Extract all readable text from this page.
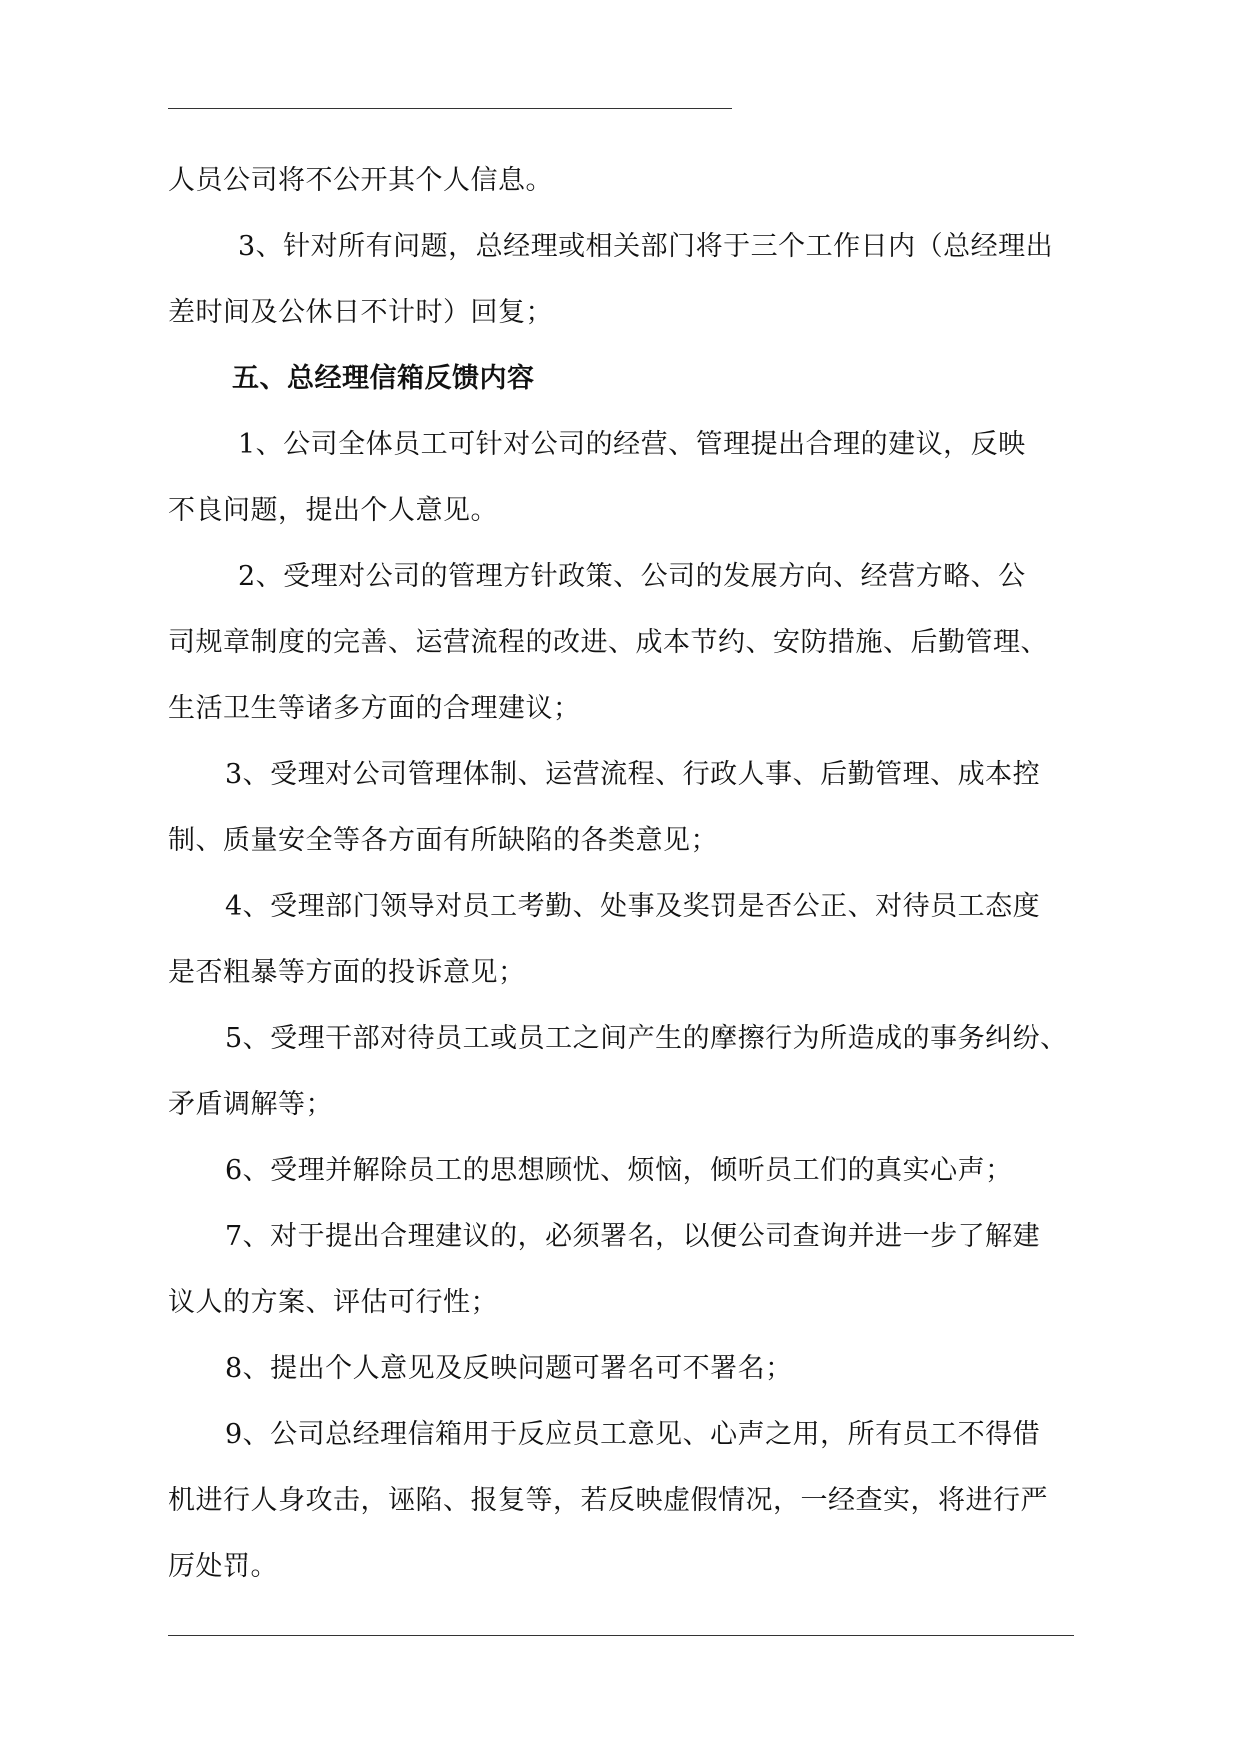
人员公司将不公开其个人信息。
3、针对所有问题，总经理或相关部门将于三个工作日内（总经理出
差时间及公休日不计时）回复；
五、总经理信箱反馈内容
1、公司全体员工可针对公司的经营、管理提出合理的建议，反映
不良问题，提出个人意见。
2、受理对公司的管理方针政策、公司的发展方向、经营方略、公
司规章制度的完善、运营流程的改进、成本节约、安防措施、后勤管理、
生活卫生等诸多方面的合理建议；
3、受理对公司管理体制、运营流程、行政人事、后勤管理、成本控
制、质量安全等各方面有所缺陷的各类意见；
4、受理部门领导对员工考勤、处事及奖罚是否公正、对待员工态度
是否粗暴等方面的投诉意见；
5、受理干部对待员工或员工之间产生的摩擦行为所造成的事务纠纷、
矛盾调解等；
6、受理并解除员工的思想顾忧、烦恼，倾听员工们的真实心声；
7、对于提出合理建议的，必须署名，以便公司查询并进一步了解建
议人的方案、评估可行性；
8、提出个人意见及反映问题可署名可不署名；
9、公司总经理信箱用于反应员工意见、心声之用，所有员工不得借
机进行人身攻击，诬陷、报复等，若反映虚假情况，一经查实，将进行严
厉处罚。
